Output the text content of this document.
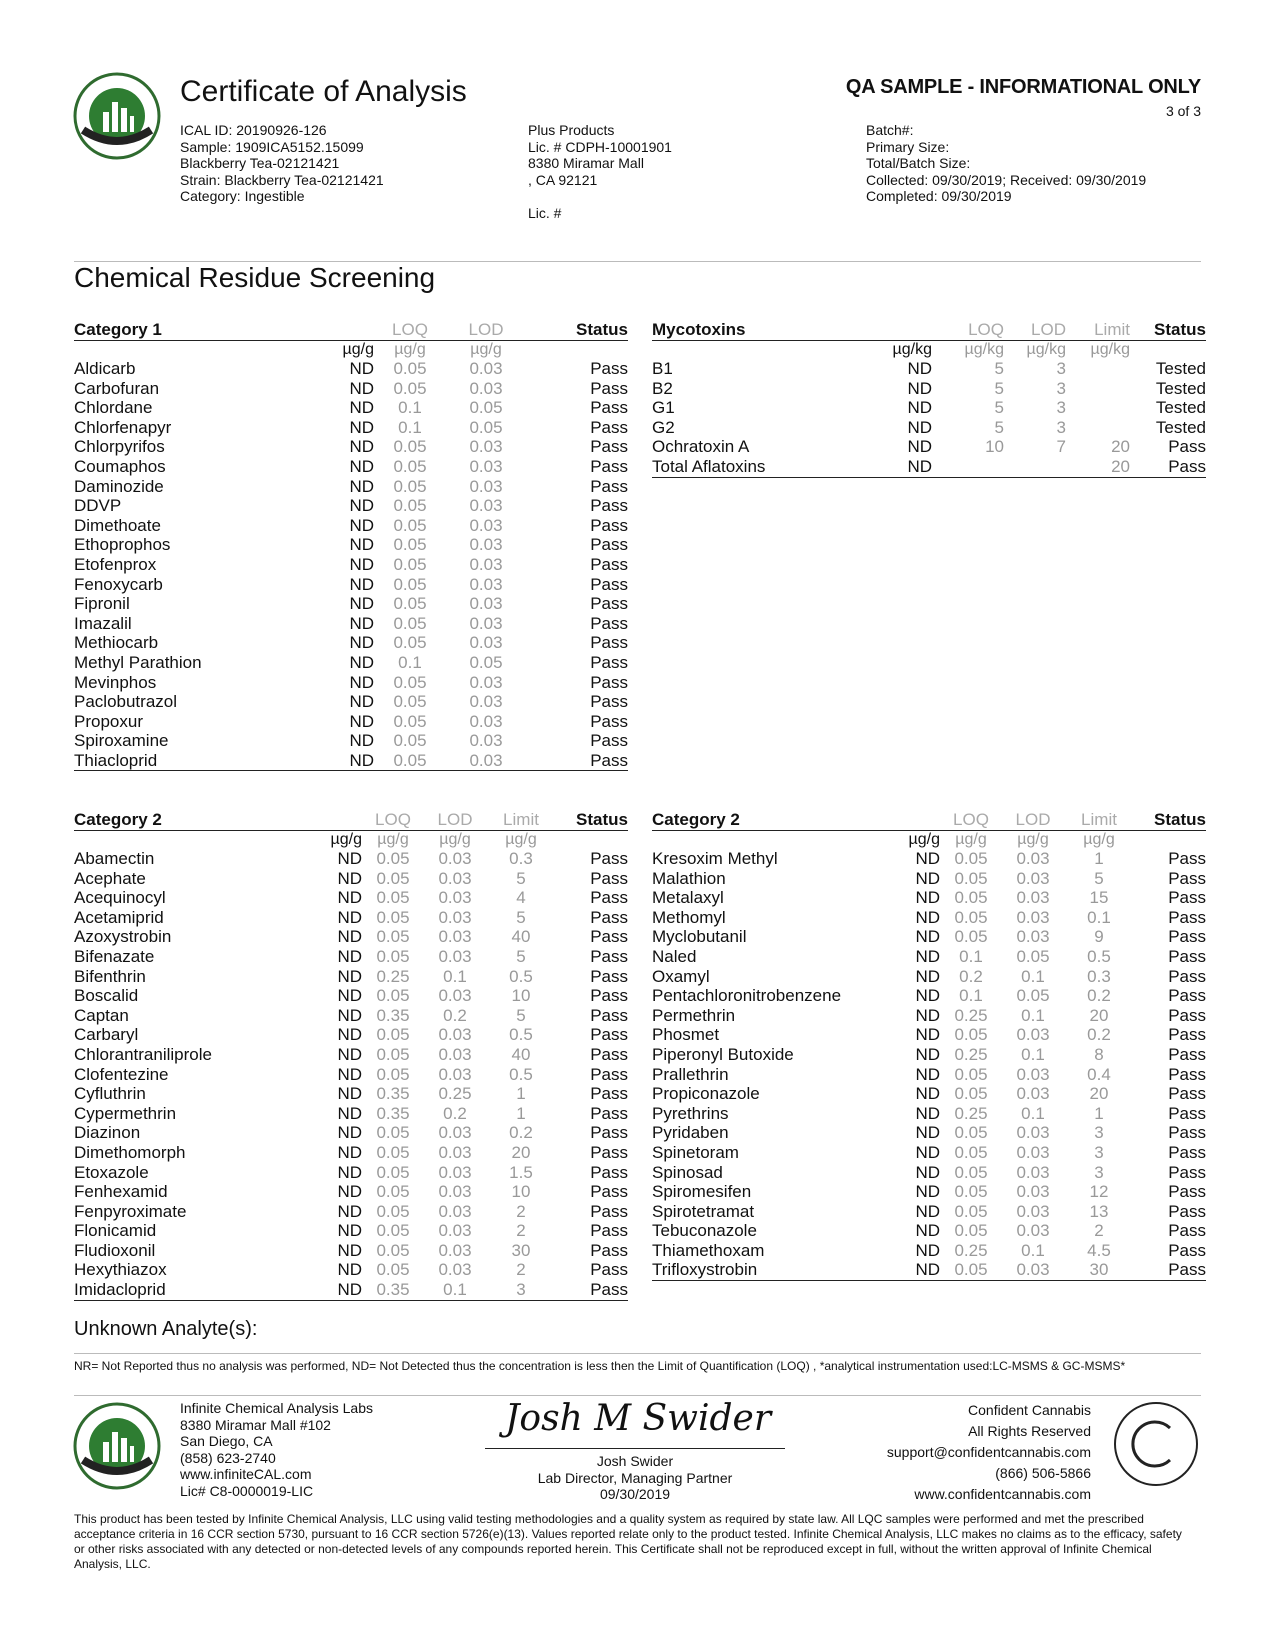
Certificate of Analysis	QA SAMPLE - INFORMATIONAL ONLY
3 of 3
ICAL ID: 20190926-126
Sample: 1909ICA5152.15099
Blackberry Tea-02121421
Strain: Blackberry Tea-02121421
Category: Ingestible
Plus Products
Lic. # CDPH-10001901
8380 Miramar Mall
, CA 92121
Lic. #
Batch#:
Primary Size:
Total/Batch Size:
Collected: 09/30/2019; Received: 09/30/2019
Completed: 09/30/2019
Chemical Residue Screening
Category 1		LOQ	LOD	Status
	µg/g	µg/g	µg/g	
Aldicarb	ND	0.05	0.03	Pass
Carbofuran	ND	0.05	0.03	Pass
Chlordane	ND	0.1	0.05	Pass
Chlorfenapyr	ND	0.1	0.05	Pass
Chlorpyrifos	ND	0.05	0.03	Pass
Coumaphos	ND	0.05	0.03	Pass
Daminozide	ND	0.05	0.03	Pass
DDVP	ND	0.05	0.03	Pass
Dimethoate	ND	0.05	0.03	Pass
Ethoprophos	ND	0.05	0.03	Pass
Etofenprox	ND	0.05	0.03	Pass
Fenoxycarb	ND	0.05	0.03	Pass
Fipronil	ND	0.05	0.03	Pass
Imazalil	ND	0.05	0.03	Pass
Methiocarb	ND	0.05	0.03	Pass
Methyl Parathion	ND	0.1	0.05	Pass
Mevinphos	ND	0.05	0.03	Pass
Paclobutrazol	ND	0.05	0.03	Pass
Propoxur	ND	0.05	0.03	Pass
Spiroxamine	ND	0.05	0.03	Pass
Thiacloprid	ND	0.05	0.03	Pass
Mycotoxins		LOQ	LOD	Limit	Status
	µg/kg	µg/kg	µg/kg	µg/kg	
B1	ND	5	3		Tested
B2	ND	5	3		Tested
G1	ND	5	3		Tested
G2	ND	5	3		Tested
Ochratoxin A	ND	10	7	20	Pass
Total Aflatoxins	ND			20	Pass
Category 2		LOQ	LOD	Limit	Status
	µg/g	µg/g	µg/g	µg/g	
Abamectin	ND	0.05	0.03	0.3	Pass
Acephate	ND	0.05	0.03	5	Pass
Acequinocyl	ND	0.05	0.03	4	Pass
Acetamiprid	ND	0.05	0.03	5	Pass
Azoxystrobin	ND	0.05	0.03	40	Pass
Bifenazate	ND	0.05	0.03	5	Pass
Bifenthrin	ND	0.25	0.1	0.5	Pass
Boscalid	ND	0.05	0.03	10	Pass
Captan	ND	0.35	0.2	5	Pass
Carbaryl	ND	0.05	0.03	0.5	Pass
Chlorantraniliprole	ND	0.05	0.03	40	Pass
Clofentezine	ND	0.05	0.03	0.5	Pass
Cyfluthrin	ND	0.35	0.25	1	Pass
Cypermethrin	ND	0.35	0.2	1	Pass
Diazinon	ND	0.05	0.03	0.2	Pass
Dimethomorph	ND	0.05	0.03	20	Pass
Etoxazole	ND	0.05	0.03	1.5	Pass
Fenhexamid	ND	0.05	0.03	10	Pass
Fenpyroximate	ND	0.05	0.03	2	Pass
Flonicamid	ND	0.05	0.03	2	Pass
Fludioxonil	ND	0.05	0.03	30	Pass
Hexythiazox	ND	0.05	0.03	2	Pass
Imidacloprid	ND	0.35	0.1	3	Pass
Category 2		LOQ	LOD	Limit	Status
	µg/g	µg/g	µg/g	µg/g	
Kresoxim Methyl	ND	0.05	0.03	1	Pass
Malathion	ND	0.05	0.03	5	Pass
Metalaxyl	ND	0.05	0.03	15	Pass
Methomyl	ND	0.05	0.03	0.1	Pass
Myclobutanil	ND	0.05	0.03	9	Pass
Naled	ND	0.1	0.05	0.5	Pass
Oxamyl	ND	0.2	0.1	0.3	Pass
Pentachloronitrobenzene	ND	0.1	0.05	0.2	Pass
Permethrin	ND	0.25	0.1	20	Pass
Phosmet	ND	0.05	0.03	0.2	Pass
Piperonyl Butoxide	ND	0.25	0.1	8	Pass
Prallethrin	ND	0.05	0.03	0.4	Pass
Propiconazole	ND	0.05	0.03	20	Pass
Pyrethrins	ND	0.25	0.1	1	Pass
Pyridaben	ND	0.05	0.03	3	Pass
Spinetoram	ND	0.05	0.03	3	Pass
Spinosad	ND	0.05	0.03	3	Pass
Spiromesifen	ND	0.05	0.03	12	Pass
Spirotetramat	ND	0.05	0.03	13	Pass
Tebuconazole	ND	0.05	0.03	2	Pass
Thiamethoxam	ND	0.25	0.1	4.5	Pass
Trifloxystrobin	ND	0.05	0.03	30	Pass
Unknown Analyte(s):
NR= Not Reported thus no analysis was performed, ND= Not Detected thus the concentration is less then the Limit of Quantification (LOQ) , *analytical instrumentation used:LC-MSMS & GC-MSMS*
Infinite Chemical Analysis Labs
8380 Miramar Mall #102
San Diego, CA
(858) 623-2740
www.infiniteCAL.com
Lic# C8-0000019-LIC
Josh M Swider
Josh Swider
Lab Director, Managing Partner
09/30/2019
Confident Cannabis
All Rights Reserved
support@confidentcannabis.com
(866) 506-5866
www.confidentcannabis.com
This product has been tested by Infinite Chemical Analysis, LLC using valid testing methodologies and a quality system as required by state law. All LQC samples were performed and met the prescribed acceptance criteria in 16 CCR section 5730, pursuant to 16 CCR section 5726(e)(13). Values reported relate only to the product tested. Infinite Chemical Analysis, LLC makes no claims as to the efficacy, safety or other risks associated with any detected or non-detected levels of any compounds reported herein. This Certificate shall not be reproduced except in full, without the written approval of Infinite Chemical Analysis, LLC.
